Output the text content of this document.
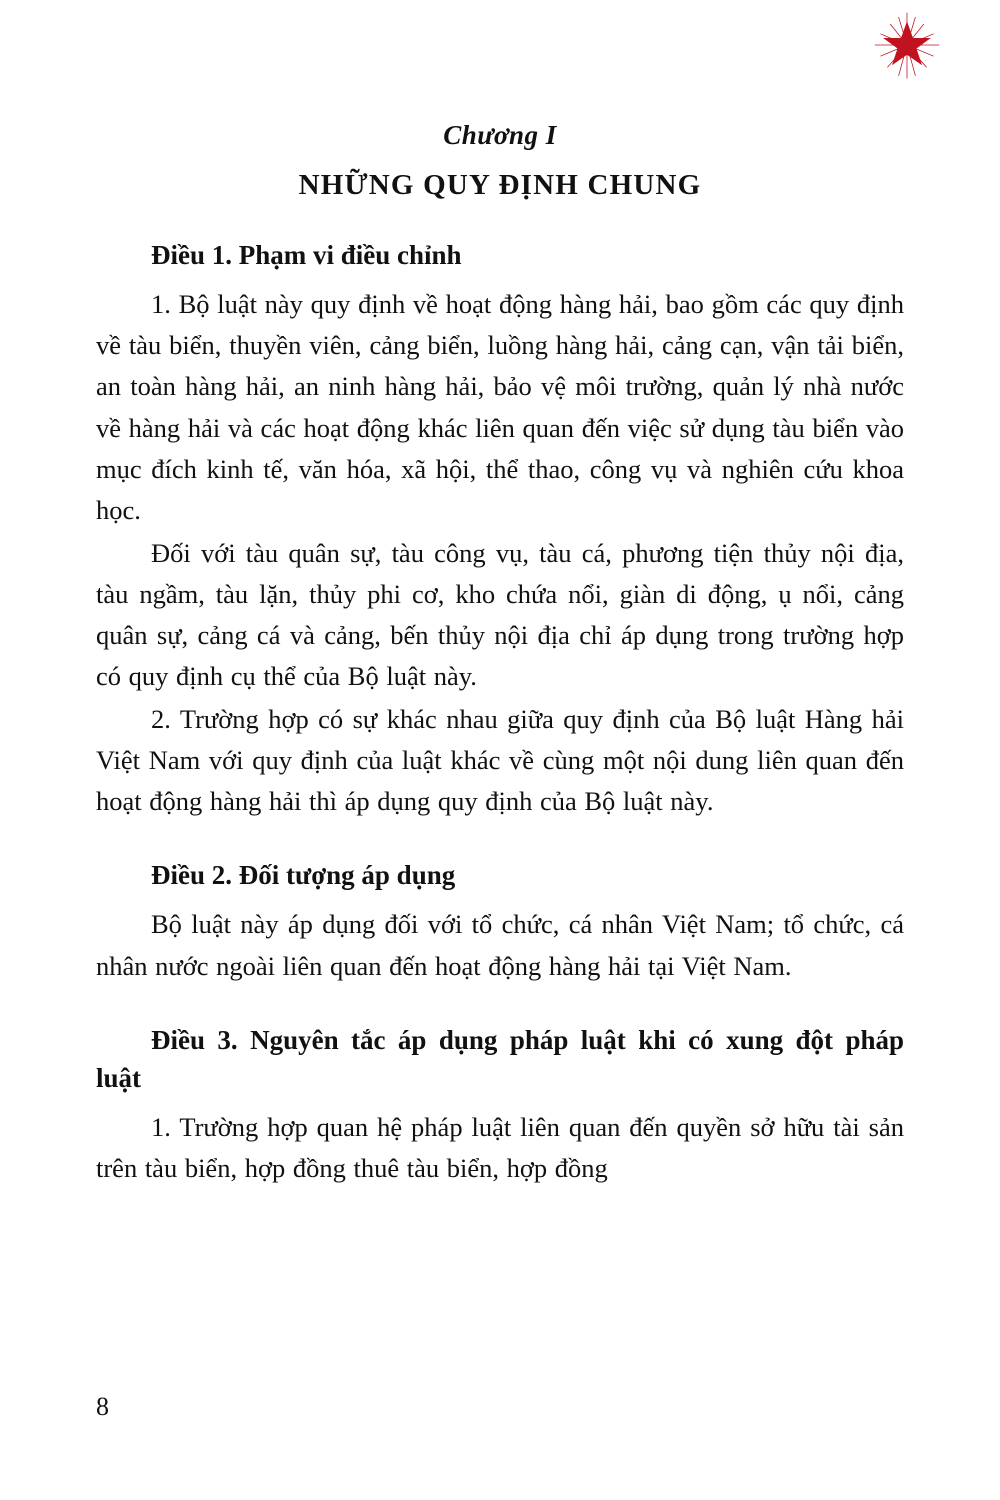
Chương I
NHỮNG QUY ĐỊNH CHUNG
Điều 1. Phạm vi điều chỉnh

1. Bộ luật này quy định về hoạt động hàng hải, bao gồm các quy định về tàu biển, thuyền viên, cảng biển, luồng hàng hải, cảng cạn, vận tải biển, an toàn hàng hải, an ninh hàng hải, bảo vệ môi trường, quản lý nhà nước về hàng hải và các hoạt động khác liên quan đến việc sử dụng tàu biển vào mục đích kinh tế, văn hóa, xã hội, thể thao, công vụ và nghiên cứu khoa học.

Đối với tàu quân sự, tàu công vụ, tàu cá, phương tiện thủy nội địa, tàu ngầm, tàu lặn, thủy phi cơ, kho chứa nổi, giàn di động, ụ nổi, cảng quân sự, cảng cá và cảng, bến thủy nội địa chỉ áp dụng trong trường hợp có quy định cụ thể của Bộ luật này.

2. Trường hợp có sự khác nhau giữa quy định của Bộ luật Hàng hải Việt Nam với quy định của luật khác về cùng một nội dung liên quan đến hoạt động hàng hải thì áp dụng quy định của Bộ luật này.

Điều 2. Đối tượng áp dụng

Bộ luật này áp dụng đối với tổ chức, cá nhân Việt Nam; tổ chức, cá nhân nước ngoài liên quan đến hoạt động hàng hải tại Việt Nam.

Điều 3. Nguyên tắc áp dụng pháp luật khi có xung đột pháp luật

1. Trường hợp quan hệ pháp luật liên quan đến quyền sở hữu tài sản trên tàu biển, hợp đồng thuê tàu biển, hợp đồng

8
